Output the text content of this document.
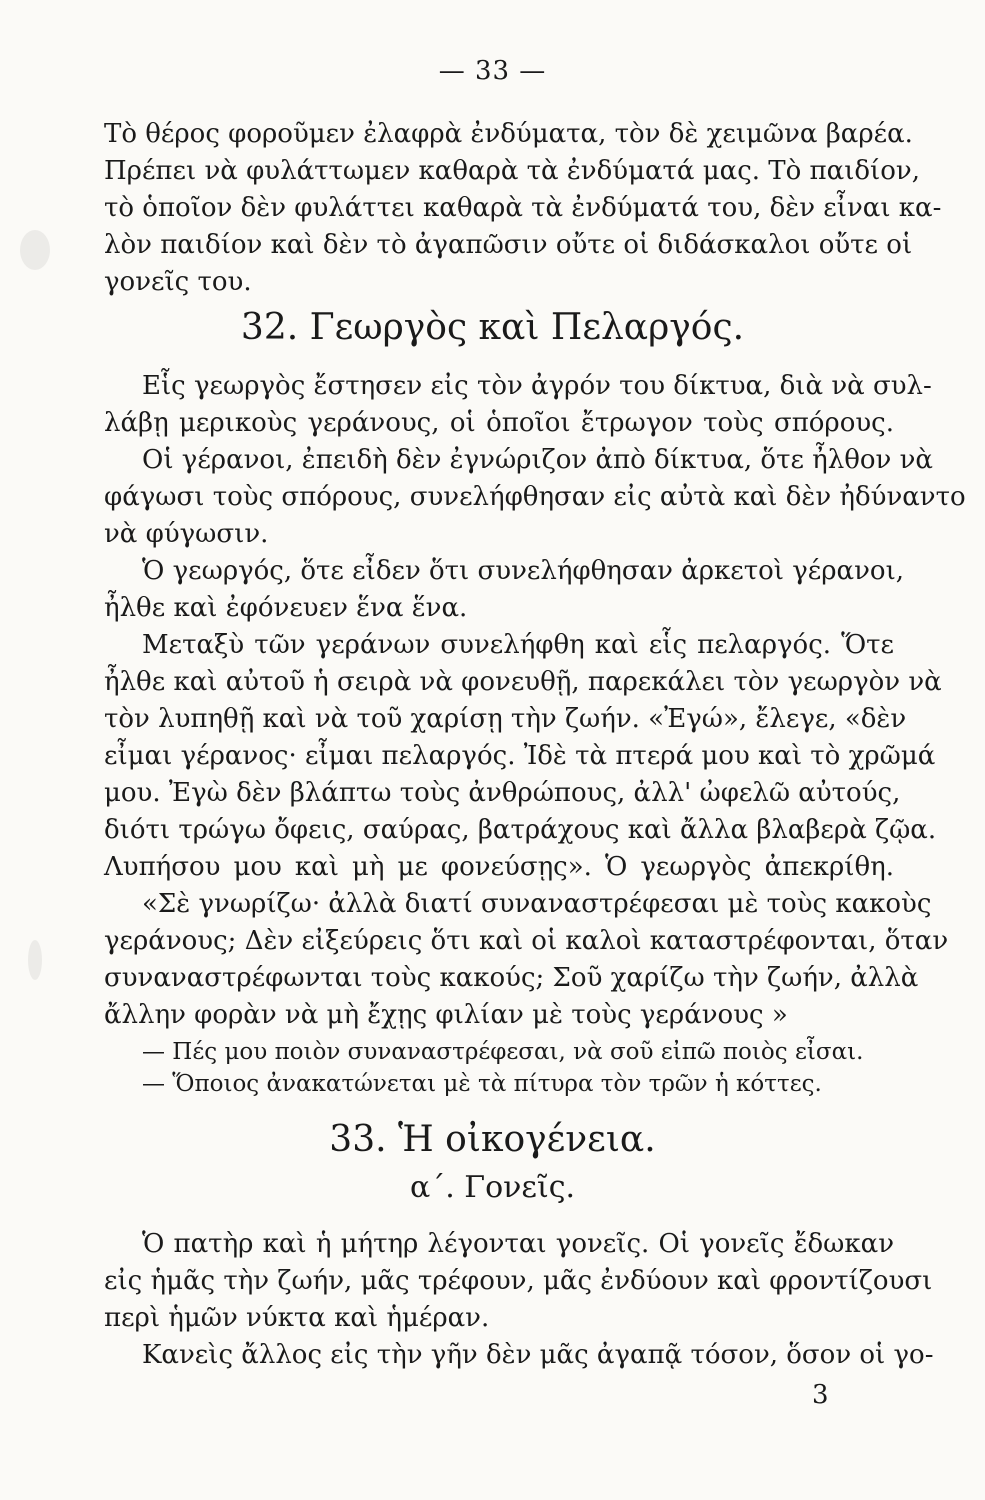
— 33 —
Τὸ θέρος φοροῦμεν ἐλαφρὰ ἐνδύματα, τὸν δὲ χειμῶνα βαρέα.
Πρέπει νὰ φυλάττωμεν καθαρὰ τὰ ἐνδύματά μας. Τὸ παιδίον,
τὸ ὁποῖον δὲν φυλάττει καθαρὰ τὰ ἐνδύματά του, δὲν εἶναι κα-
λὸν παιδίον καὶ δὲν τὸ ἀγαπῶσιν οὔτε οἱ διδάσκαλοι οὔτε οἱ
γονεῖς του.
32. Γεωργὸς καὶ Πελαργός.
Εἷς γεωργὸς ἔστησεν εἰς τὸν ἀγρόν του δίκτυα, διὰ νὰ συλ-
λάβῃ μερικοὺς γεράνους, οἱ ὁποῖοι ἔτρωγον τοὺς σπόρους.
Οἱ γέρανοι, ἐπειδὴ δὲν ἐγνώριζον ἀπὸ δίκτυα, ὅτε ἦλθον νὰ
φάγωσι τοὺς σπόρους, συνελήφθησαν εἰς αὐτὰ καὶ δὲν ἠδύναντο
νὰ φύγωσιν.
Ὁ γεωργός, ὅτε εἶδεν ὅτι συνελήφθησαν ἀρκετοὶ γέρανοι,
ἦλθε καὶ ἐφόνευεν ἕνα ἕνα.
Μεταξὺ τῶν γεράνων συνελήφθη καὶ εἷς πελαργός. Ὅτε
ἦλθε καὶ αὐτοῦ ἡ σειρὰ νὰ φονευθῇ, παρεκάλει τὸν γεωργὸν νὰ
τὸν λυπηθῇ καὶ νὰ τοῦ χαρίσῃ τὴν ζωήν. «Ἐγώ», ἔλεγε, «δὲν
εἶμαι γέρανος· εἶμαι πελαργός. Ἰδὲ τὰ πτερά μου καὶ τὸ χρῶμά
μου. Ἐγὼ δὲν βλάπτω τοὺς ἀνθρώπους, ἀλλ' ὠφελῶ αὐτούς,
διότι τρώγω ὄφεις, σαύρας, βατράχους καὶ ἄλλα βλαβερὰ ζῷα.
Λυπήσου μου καὶ μὴ με φονεύσῃς». Ὁ γεωργὸς ἀπεκρίθη.
«Σὲ γνωρίζω· ἀλλὰ διατί συναναστρέφεσαι μὲ τοὺς κακοὺς
γεράνους; Δὲν εἰξεύρεις ὅτι καὶ οἱ καλοὶ καταστρέφονται, ὅταν
συναναστρέφωνται τοὺς κακούς; Σοῦ χαρίζω τὴν ζωήν, ἀλλὰ
ἄλλην φορὰν νὰ μὴ ἔχῃς φιλίαν μὲ τοὺς γεράνους »
— Πές μου ποιὸν συναναστρέφεσαι, νὰ σοῦ εἰπῶ ποιὸς εἶσαι.
— Ὅποιος ἀνακατώνεται μὲ τὰ πίτυρα τὸν τρῶν ἡ κόττες.
33. Ἡ οἰκογένεια.
α΄. Γονεῖς.
Ὁ πατὴρ καὶ ἡ μήτηρ λέγονται γονεῖς. Οἱ γονεῖς ἔδωκαν
εἰς ἡμᾶς τὴν ζωήν, μᾶς τρέφουν, μᾶς ἐνδύουν καὶ φροντίζουσι
περὶ ἡμῶν νύκτα καὶ ἡμέραν.
Κανεὶς ἄλλος εἰς τὴν γῆν δὲν μᾶς ἀγαπᾷ τόσον, ὅσον οἱ γο-
3
